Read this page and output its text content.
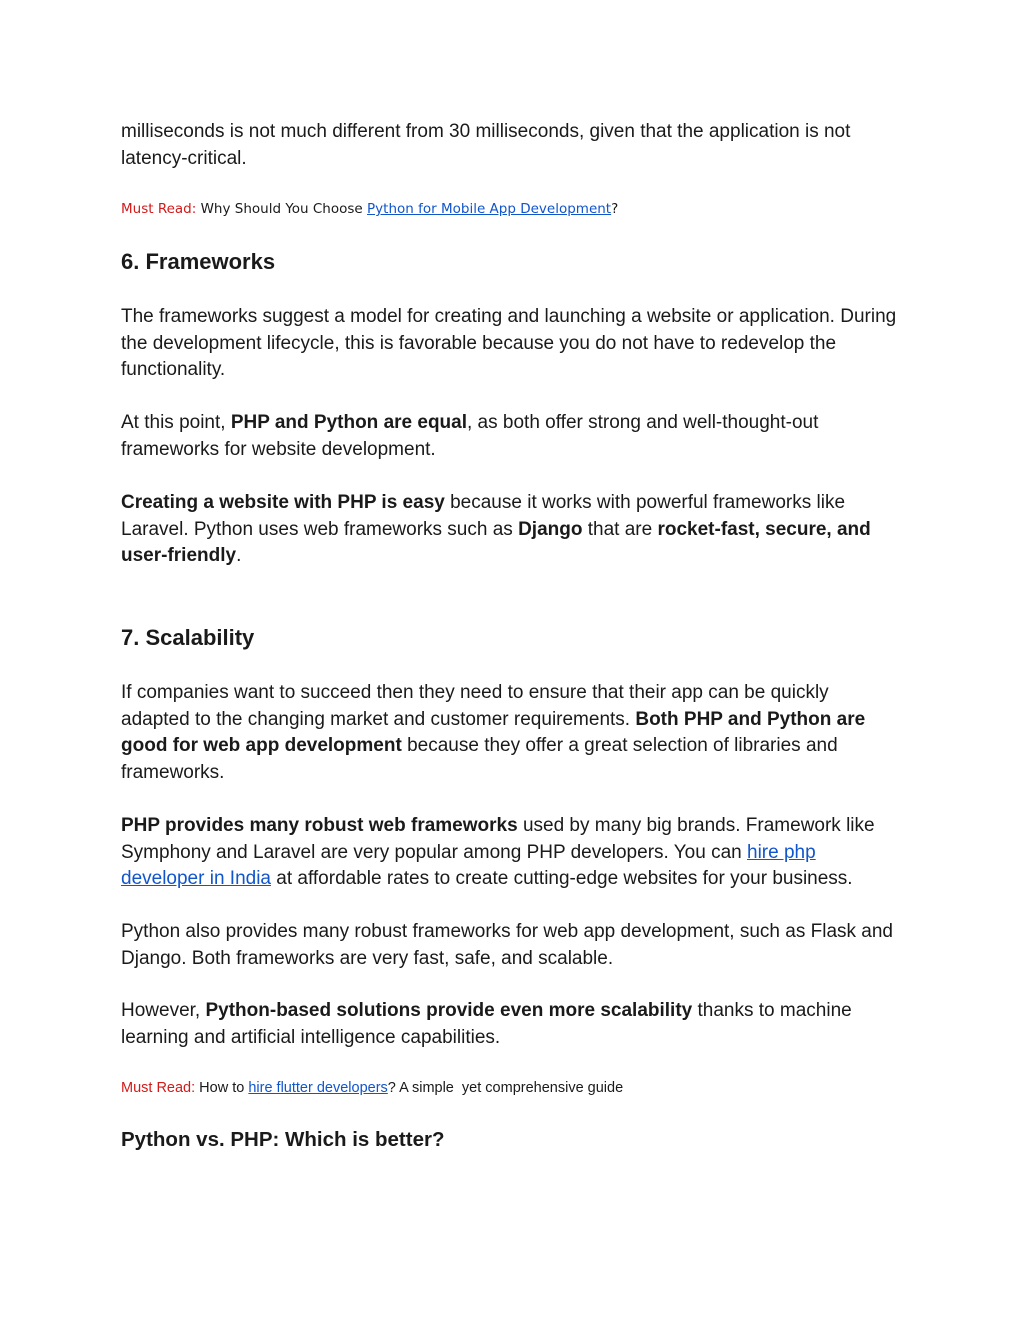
milliseconds is not much different from 30 milliseconds, given that the application is not latency-critical.

Must Read: Why Should You Choose Python for Mobile App Development?

6. Frameworks

The frameworks suggest a model for creating and launching a website or application. During the development lifecycle, this is favorable because you do not have to redevelop the functionality.

At this point, PHP and Python are equal, as both offer strong and well-thought-out frameworks for website development.

Creating a website with PHP is easy because it works with powerful frameworks like Laravel. Python uses web frameworks such as Django that are rocket-fast, secure, and user-friendly.

7. Scalability

If companies want to succeed then they need to ensure that their app can be quickly adapted to the changing market and customer requirements. Both PHP and Python are good for web app development because they offer a great selection of libraries and frameworks.

PHP provides many robust web frameworks used by many big brands. Framework like Symphony and Laravel are very popular among PHP developers. You can hire php developer in India at affordable rates to create cutting-edge websites for your business.

Python also provides many robust frameworks for web app development, such as Flask and Django. Both frameworks are very fast, safe, and scalable.

However, Python-based solutions provide even more scalability thanks to machine learning and artificial intelligence capabilities.

Must Read: How to hire flutter developers? A simple  yet comprehensive guide

Python vs. PHP: Which is better?
